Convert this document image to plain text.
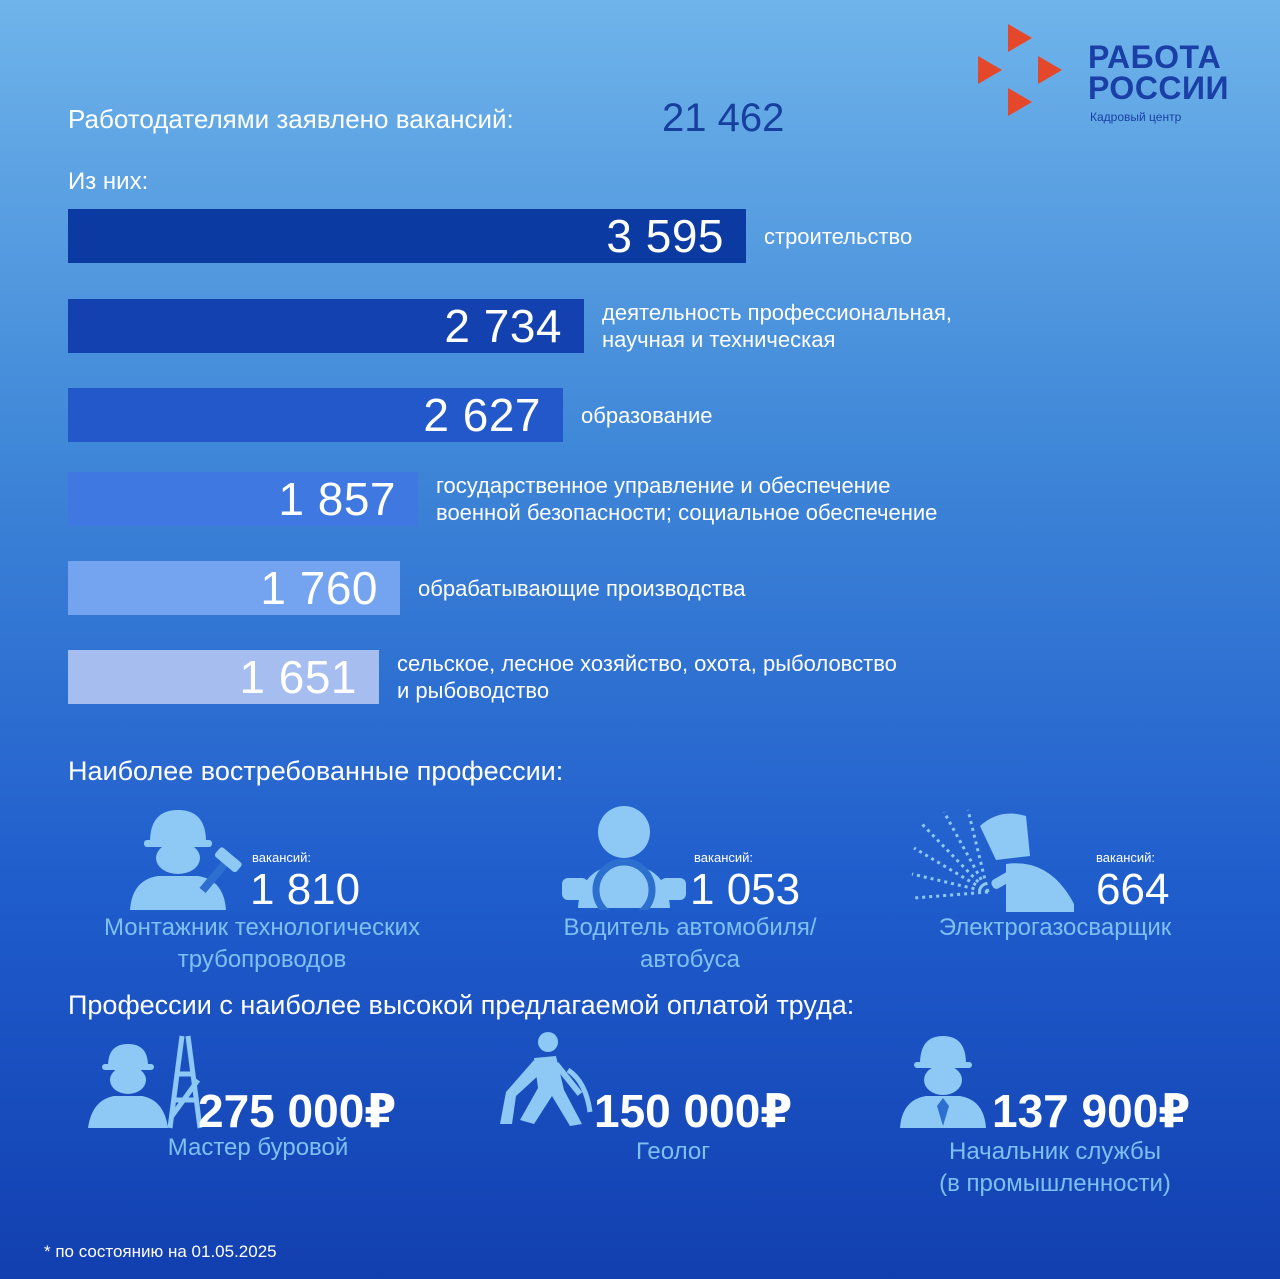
РАБОТА
РОССИИ
Кадровый центр
Работодателями заявлено вакансий:	21 462
Из них:
3 595 строительство
2 734 деятельность профессиональная,
научная и техническая
2 627 образование
1 857 государственное управление и обеспечение
военной безопасности; социальное обеспечение
1 760 обрабатывающие производства
1 651 сельское, лесное хозяйство, охота, рыболовство
и рыбоводство
Наиболее востребованные профессии:
вакансий:
1 810
Монтажник технологических
трубопроводов
вакансий:
1 053
Водитель автомобиля/
автобуса
вакансий:
664
Электрогазосварщик
Профессии с наиболее высокой предлагаемой оплатой труда:
275 000₽
Мастер буровой
150 000₽
Геолог
137 900₽
Начальник службы
(в промышленности)
* по состоянию на 01.05.2025
